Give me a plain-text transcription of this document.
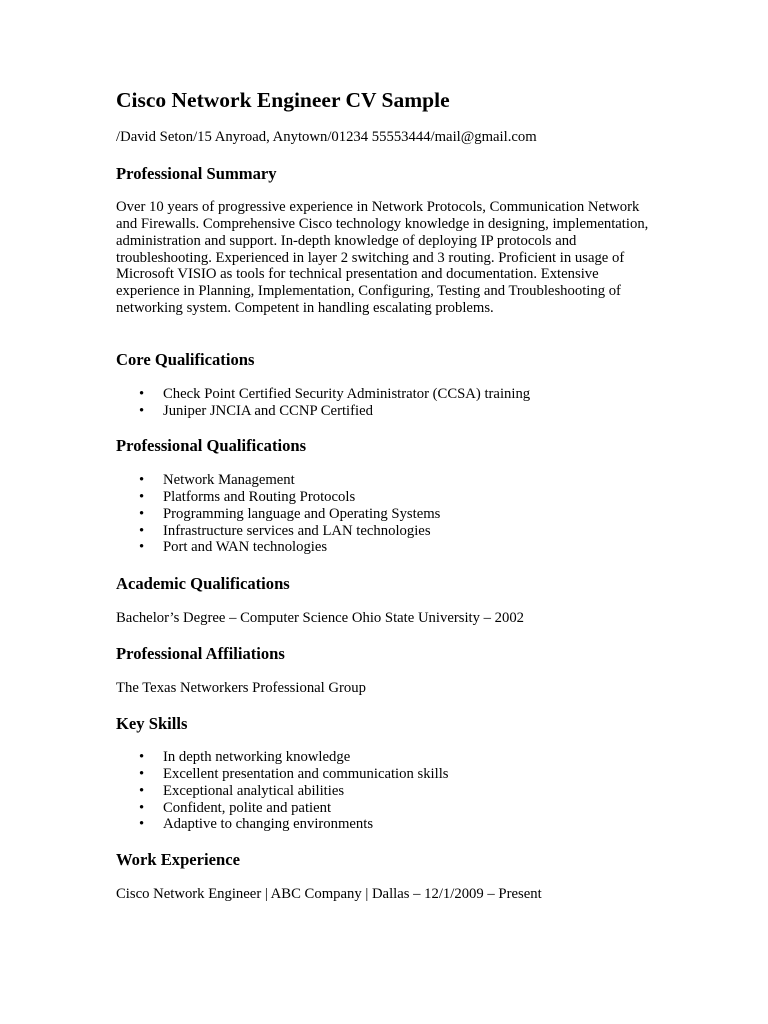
Cisco Network Engineer CV Sample

/David Seton/15 Anyroad, Anytown/01234 55553444/mail@gmail.com

Professional Summary

Over 10 years of progressive experience in Network Protocols, Communication Network and Firewalls. Comprehensive Cisco technology knowledge in designing, implementation, administration and support. In-depth knowledge of deploying IP protocols and troubleshooting. Experienced in layer 2 switching and 3 routing. Proficient in usage of Microsoft VISIO as tools for technical presentation and documentation. Extensive experience in Planning, Implementation, Configuring, Testing and Troubleshooting of networking system. Competent in handling escalating problems.

Core Qualifications
• Check Point Certified Security Administrator (CCSA) training
• Juniper JNCIA and CCNP Certified
Professional Qualifications
• Network Management
• Platforms and Routing Protocols
• Programming language and Operating Systems
• Infrastructure services and LAN technologies
• Port and WAN technologies
Academic Qualifications

Bachelor’s Degree – Computer Science Ohio State University – 2002

Professional Affiliations

The Texas Networkers Professional Group

Key Skills
• In depth networking knowledge
• Excellent presentation and communication skills
• Exceptional analytical abilities
• Confident, polite and patient
• Adaptive to changing environments
Work Experience

Cisco Network Engineer | ABC Company | Dallas – 12/1/2009 – Present
